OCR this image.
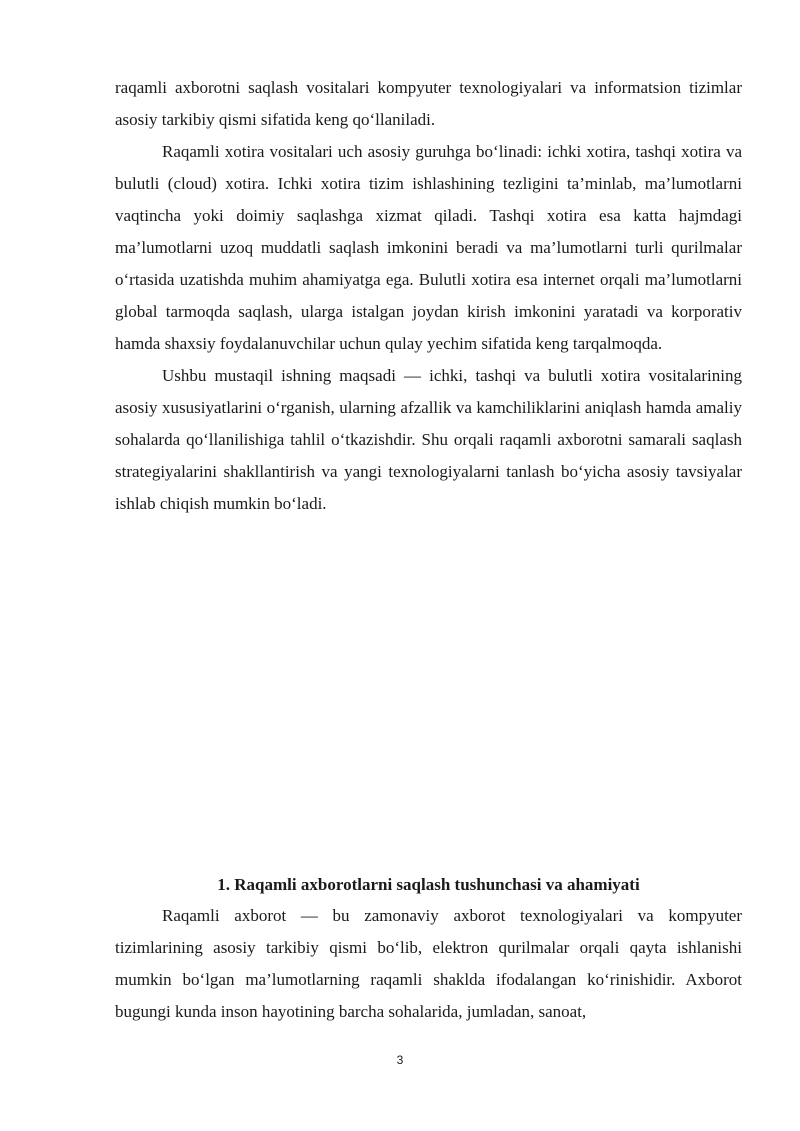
raqamli axborotni saqlash vositalari kompyuter texnologiyalari va informatsion tizimlar asosiy tarkibiy qismi sifatida keng qo‘llaniladi.

Raqamli xotira vositalari uch asosiy guruhga bo‘linadi: ichki xotira, tashqi xotira va bulutli (cloud) xotira. Ichki xotira tizim ishlashining tezligini ta’minlab, ma’lumotlarni vaqtincha yoki doimiy saqlashga xizmat qiladi. Tashqi xotira esa katta hajmdagi ma’lumotlarni uzoq muddatli saqlash imkonini beradi va ma’lumotlarni turli qurilmalar o‘rtasida uzatishda muhim ahamiyatga ega. Bulutli xotira esa internet orqali ma’lumotlarni global tarmoqda saqlash, ularga istalgan joydan kirish imkonini yaratadi va korporativ hamda shaxsiy foydalanuvchilar uchun qulay yechim sifatida keng tarqalmoqda.

Ushbu mustaqil ishning maqsadi — ichki, tashqi va bulutli xotira vositalarining asosiy xususiyatlarini o‘rganish, ularning afzallik va kamchiliklarini aniqlash hamda amaliy sohalarda qo‘llanilishiga tahlil o‘tkazishdir. Shu orqali raqamli axborotni samarali saqlash strategiyalarini shakllantirish va yangi texnologiyalarni tanlash bo‘yicha asosiy tavsiyalar ishlab chiqish mumkin bo‘ladi.

1. Raqamli axborotlarni saqlash tushunchasi va ahamiyati

Raqamli axborot — bu zamonaviy axborot texnologiyalari va kompyuter tizimlarining asosiy tarkibiy qismi bo‘lib, elektron qurilmalar orqali qayta ishlanishi mumkin bo‘lgan ma’lumotlarning raqamli shaklda ifodalangan ko‘rinishidir. Axborot bugungi kunda inson hayotining barcha sohalarida, jumladan, sanoat,

3
